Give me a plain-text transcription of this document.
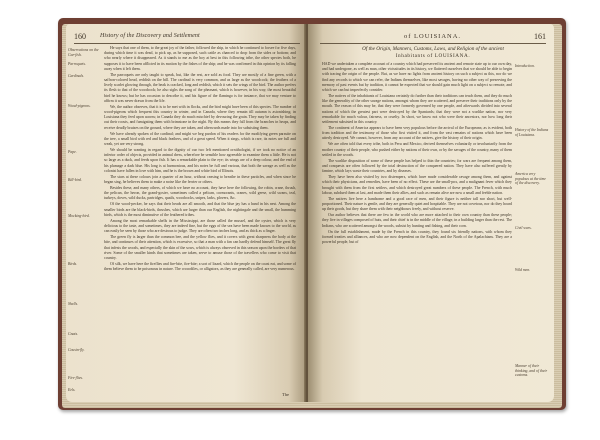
160 History of the Discovery and Settlement
Observations on the Gar-fish.
Parroquets.
Cardinals.
Wood-pigeons.
Pape.
Bill-bird.
Mocking-bird.
Birds.
Shells.
Gnats.
Cousin-fly.
Fire-flies.
Eels.

He says that one of them, to the great joy of the father, followed the ship, in which he continued to forsee for five days, during which time it was dead, to pick up, as he supposed, such cattle as chanced to drop from the sides or bottom; and who nearly where it disappeared. As it stands to me as the boy at best in this following tribe, the other species both, he supposes it to have been afflicted in its motion by the fishes of the ship; and he was confirmed in this opinion by its falling away when it left them.

The parroquets are only taught to speak, but, like the rest, are sold as food. They are mostly of a fine green, with a saffron-colored head, reddish on the bill. The cardinal is very common, and as large as the woodcock; the feathers of a lively scarlet glowing through, the beak is cracked, long and reddish, which it sets the wings of the bird. The author prefers its flesh to that of the woodcock; he also sighs the song of the pheasant, which is however, in his way, the most beautiful bird he knows; but he has occasion to describe it, and his figure of the flamingo is for instance, that we may venture to affirm it was never drawn from the life.

We, the author observes, that it is to be met with in flocks, and the bird might have been of this species. The number of wood-pigeons which frequent this country in winter, and in Canada, where they remain till autumn is astonishing; in Louisiana they feed upon acorns; in Canada they do much mischief by devouring the grain. They may be taken by finding out their roosts, and fumigating them with brimstone in the night. By this means they fall from the branches in heaps, and receive deadly bruises on the ground, where they are taken, and afterwards made into for subsisting them.

We have already spoken of the cardinal; and might we beg pardon of his readers for the modifying green parasite on the tree, a small bird with red and black feathers, and of a great speed. When it sings, which is rare, its notes are full and weak, yet are very strong.

We should be wanting in regard to the dignity of our two left mentioned ornithologist, if we took no notice of an inferior order of objects, provided in animal dress, wherefore be sensible how agreeable to examine them a little. He is not so large as a duck, and feeds upon fish. It has a remarkable plain to the eye; its wings are of a deep colour, and the end of his plumage a dark blue. His long is at harmonious, and his notes be full and various, that both the savage as well as the colonist have fallen in love with him, and he is the brown and white bird of Illinois.

The stars at these colours join a quarter of an hour, without ceasing to breathe in these particles, and when since he began sing, he believes them to make a noise like the ferrier or others.

Besides these, and many others, of which we have no account, they have here the following, the robin, crane, thrush, the pelican, the heron, the grand-gosier, sometimes called a pelican, cormorants, cranes, wild geese, wild swans, teal, turkeys, doves, wild ducks, partridges, quails, woodcocks, snipes, larks, plovers, &c.

Of the wood-pecker, he says that their heads are all smooth, and that the blue jay has a hand in his nest. Among the smaller birds are the black-birds, thrushes, which are larger than our English, the nightingale and the small, the humming birds, which is the most diminutive of the feathered tribes.

Among the most remarkable shells in the Mississippi, are those called the mussel, and the oyster, which is very delicious to the taste, and sometimes, they are indeed fine, but the eggs of the sea have been made known to the world, as can easily be seen by those who are desirous to judge. They are often two inches long, and as thick as a finger.

The green fly is larger than the common bee, and the yellow flies, and it covers with great sharpness the body at the bite, and continues of their attention, which is excessive, so that a man with a fan can hardly defend himself. The great fly that infests the woods, and especially the skin of the sows, which is always observed in this season upon the borders of that river. Some of the smaller kinds that sometimes are taken, serve to amuse those of the travellers who come to visit that country.

Of silk, we have here the fireflies and fire-bite, fire-bite; a sort of lizard, which the people on the coast eat, and some of them believe them to be poisonous in nature. The crocodiles, or alligators, as they are generally called, are very numerous.

The
of LOUISIANA.	161
Of the Origin, Manners, Customs, Laws, and Religion of the ancient
Inhabitants of LOUISIANA.

HAD we undertaken a complete account of a country which had preserved its ancient and remote state up to our own day, and had undergone, as well as man, other vicissitudes in its history, we flattered ourselves that we should be able to begin with tracing the origin of the people. But, as we have no lights from ancient history on such a subject as this, nor do we find any records to which we can refer, the Indians themselves, like most savages, having no other way of preserving the memory of past events but by tradition, it cannot be expected that we should gain much light on a subject so remote, and which we can but imperfectly consider.

The natives of the inhabitants of Louisiana certainly do further than their traditions can teach them, and they do much like the generality of the other savage nations, amongst whom they are scattered, and preserve their traditions only by the mouth. The reason of this may be, that they were formerly governed by one people, and afterwards divided into several nations of which the greatest part were destroyed by the Spaniards; that they were not a warlike nation, nor very remarkable for much valour, fairness, or cruelty. In short, we know not who were their ancestors, nor how long their settlement subsisted in this country.

The continent of America appears to have been very populous before the arrival of the Europeans; as is evident, both from tradition and the testimony of those who first visited it, and from the vast remains of nations which have been utterly destroyed. We cannot, however, from any account of the natives, give the history of their origin.

We are often told that every tribe, both in Peru and Mexico, derived themselves voluntarily or involuntarily from the mother country of their people, who pushed either by nations of their own, or by the savages of the country, many of them settled in the woods.

The warlike disposition of some of these people has helped to thin the countries; for wars are frequent among them, and conquests are often followed by the total destruction of the conquered nation. They have also suffered greatly by famine, which lays waste their countries, and by diseases.

They have been also visited by two distempers, which have made considerable ravage among them, and against which their physicians, and remedies, have been of no effect. These are the small-pox, and a malignant fever which they brought with them from the first settlers, and which destroyed great numbers of these people. The French, with much labour, subdued them at last, and made them their allies, and such as remain alive are now a small and feeble nation.

The natives live here a handsome and a good race of men, and their figure is neither tall nor short, but well-proportioned. Their nature is gentle, and they are generally quiet and hospitable. They are not covetous, nor do they hoard up their goods, but they share them with their neighbours freely, and without reserve.

Our author believes that there are few in the world who are more attached to their own country than these people; they live in villages composed of huts, and their chief is in the middle of the village, in a building larger than the rest. The Indians, who are scattered amongst the woods, subsist by hunting and fishing, and their corn.

On the full establishment, made by the French in this country, they found six friendly nations, with whom they formed treaties and alliances, and who are now dependent on the English, and the North of the Apalachians. They are a powerful people, but of

Introduction.
History of the Indians of Louisiana.
America very populous at the time of the discovery.
Civil wars.
Wild men.
Manner of their thinking, and of their customs.
